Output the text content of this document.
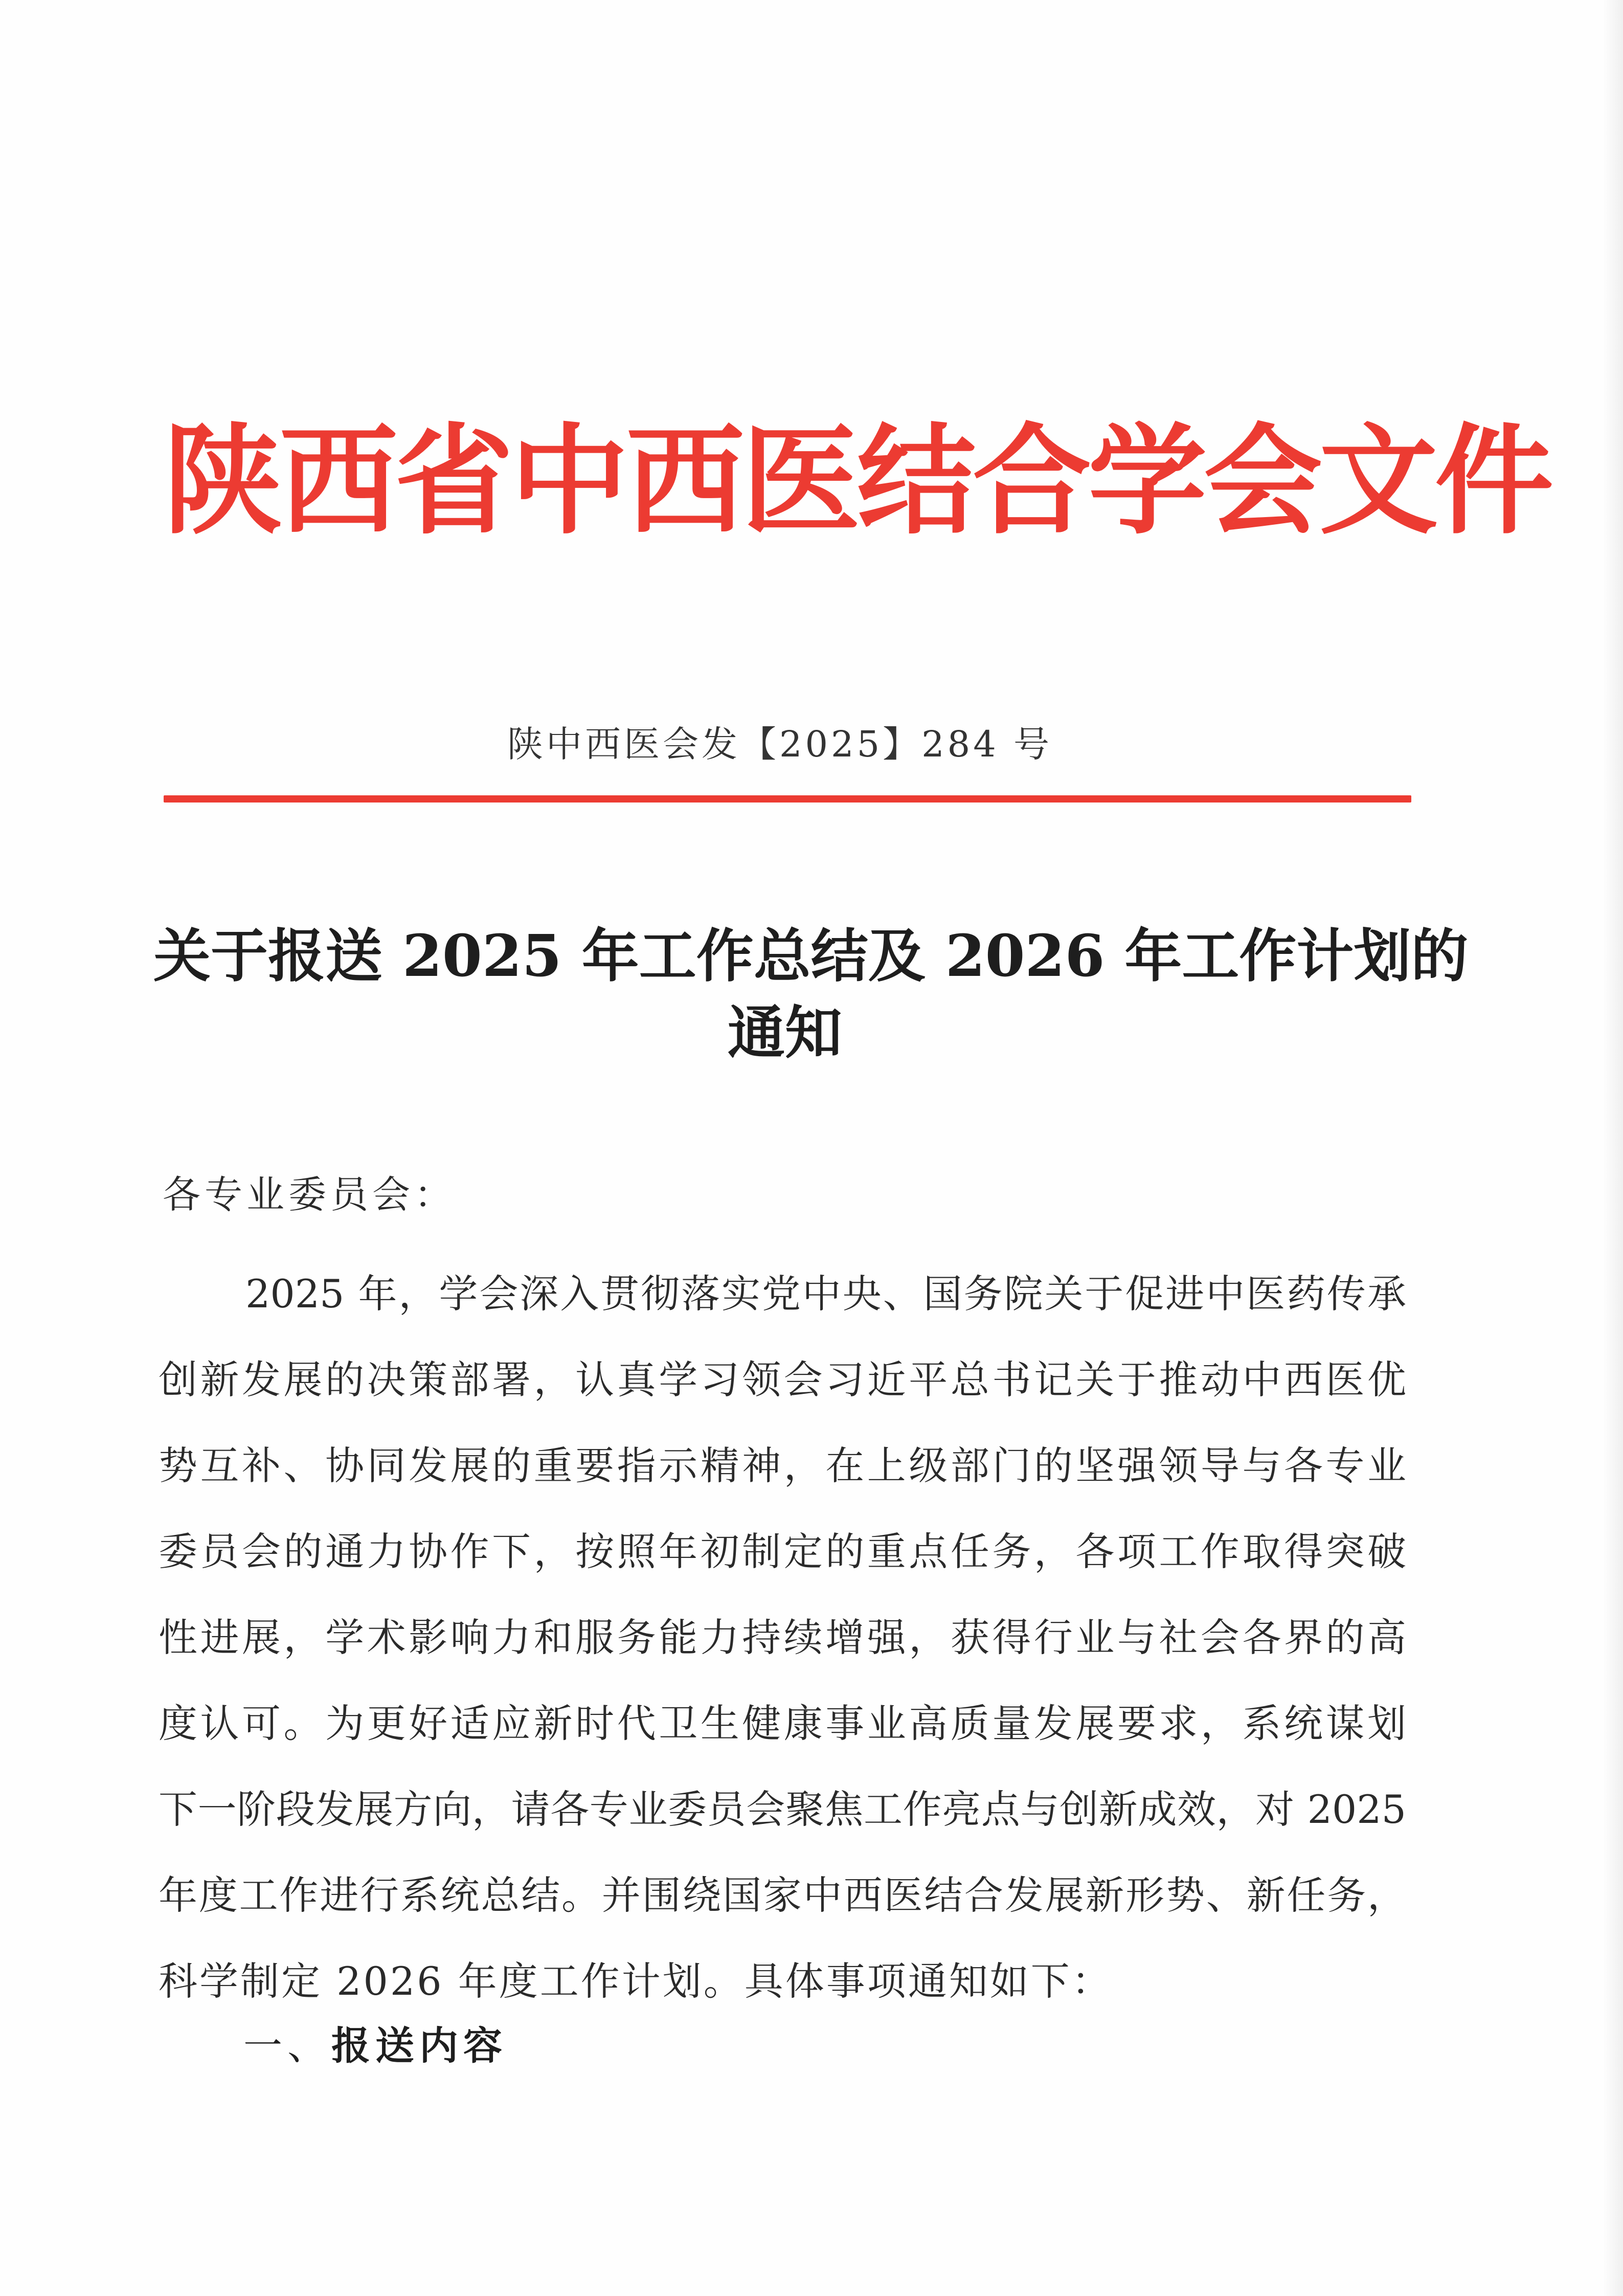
陕西省中西医结合学会文件
陕中西医会发【2025】284 号
关于报送 2025 年工作总结及 2026 年工作计划的
通知
各专业委员会：
2025 年，学会深入贯彻落实党中央、国务院关于促进中医药传承
创新发展的决策部署，认真学习领会习近平总书记关于推动中西医优
势互补、协同发展的重要指示精神，在上级部门的坚强领导与各专业
委员会的通力协作下，按照年初制定的重点任务，各项工作取得突破
性进展，学术影响力和服务能力持续增强，获得行业与社会各界的高
度认可。为更好适应新时代卫生健康事业高质量发展要求，系统谋划
下一阶段发展方向，请各专业委员会聚焦工作亮点与创新成效，对 2025
年度工作进行系统总结。并围绕国家中西医结合发展新形势、新任务，
科学制定 2026 年度工作计划。具体事项通知如下：
一、报送内容
